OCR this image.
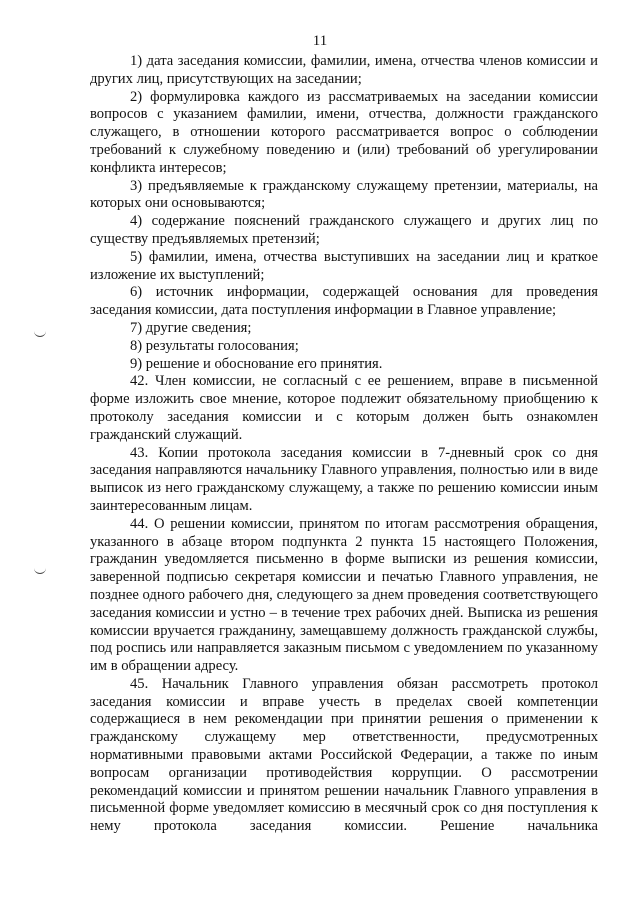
11

1) дата заседания комиссии, фамилии, имена, отчества членов комиссии и других лиц, присутствующих на заседании;

2) формулировка каждого из рассматриваемых на заседании комиссии вопросов с указанием фамилии, имени, отчества, должности гражданского служащего, в отношении которого рассматривается вопрос о соблюдении требований к служебному поведению и (или) требований об урегулировании конфликта интересов;

3) предъявляемые к гражданскому служащему претензии, материалы, на которых они основываются;

4) содержание пояснений гражданского служащего и других лиц по существу предъявляемых претензий;

5) фамилии, имена, отчества выступивших на заседании лиц и краткое изложение их выступлений;

6) источник информации, содержащей основания для проведения заседания комиссии, дата поступления информации в Главное управление;

7) другие сведения;

8) результаты голосования;

9) решение и обоснование его принятия.

42. Член комиссии, не согласный с ее решением, вправе в письменной форме изложить свое мнение, которое подлежит обязательному приобщению к протоколу заседания комиссии и с которым должен быть ознакомлен гражданский служащий.

43. Копии протокола заседания комиссии в 7-дневный срок со дня заседания направляются начальнику Главного управления, полностью или в виде выписок из него гражданскому служащему, а также по решению комиссии иным заинтересованным лицам.

44. О решении комиссии, принятом по итогам рассмотрения обращения, указанного в абзаце втором подпункта 2 пункта 15 настоящего Положения, гражданин уведомляется письменно в форме выписки из решения комиссии, заверенной подписью секретаря комиссии и печатью Главного управления, не позднее одного рабочего дня, следующего за днем проведения соответствующего заседания комиссии и устно – в течение трех рабочих дней. Выписка из решения комиссии вручается гражданину, замещавшему должность гражданской службы, под роспись или направляется заказным письмом с уведомлением по указанному им в обращении адресу.

45. Начальник Главного управления обязан рассмотреть протокол заседания комиссии и вправе учесть в пределах своей компетенции содержащиеся в нем рекомендации при принятии решения о применении к гражданскому служащему мер ответственности, предусмотренных нормативными правовыми актами Российской Федерации, а также по иным вопросам организации противодействия коррупции. О рассмотрении рекомендаций комиссии и принятом решении начальник Главного управления в письменной форме уведомляет комиссию в месячный срок со дня поступления к нему протокола заседания комиссии. Решение начальника
